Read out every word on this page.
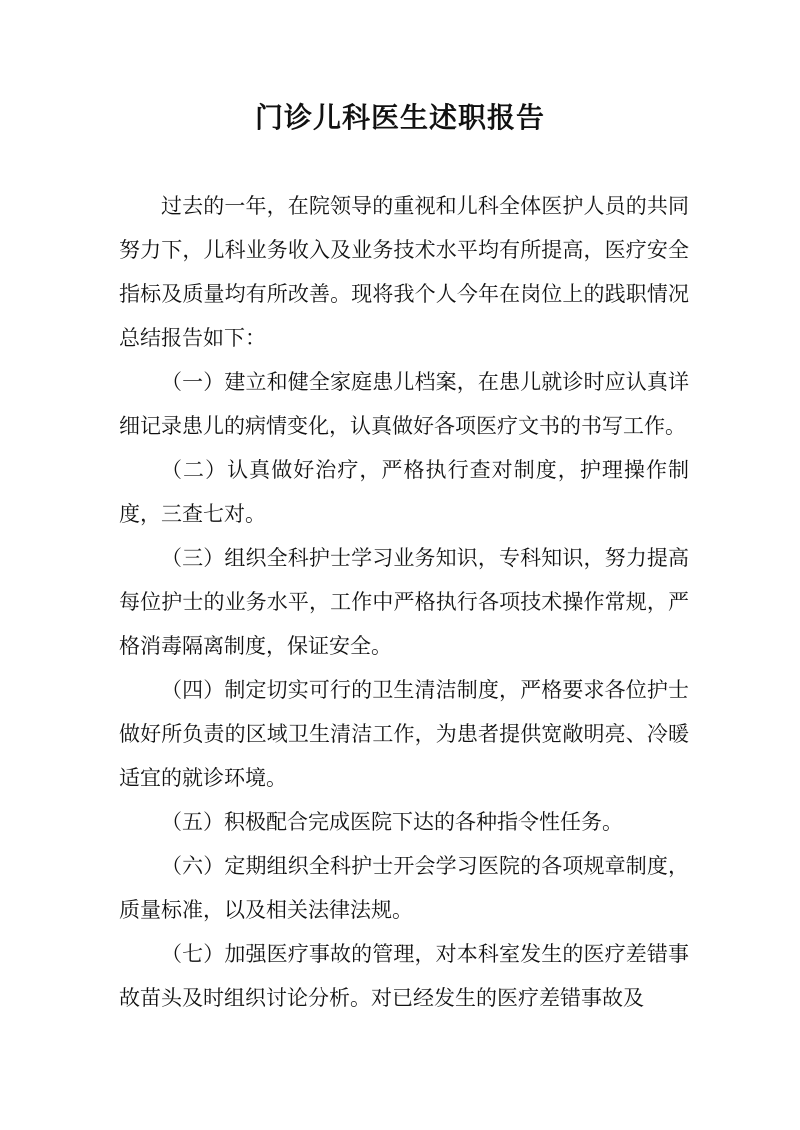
门诊儿科医生述职报告

过去的一年，在院领导的重视和儿科全体医护人员的共同努力下，儿科业务收入及业务技术水平均有所提高，医疗安全指标及质量均有所改善。现将我个人今年在岗位上的践职情况总结报告如下：

（一）建立和健全家庭患儿档案，在患儿就诊时应认真详细记录患儿的病情变化，认真做好各项医疗文书的书写工作。

（二）认真做好治疗，严格执行查对制度，护理操作制度，三查七对。

（三）组织全科护士学习业务知识，专科知识，努力提高每位护士的业务水平，工作中严格执行各项技术操作常规，严格消毒隔离制度，保证安全。

（四）制定切实可行的卫生清洁制度，严格要求各位护士做好所负责的区域卫生清洁工作，为患者提供宽敞明亮、冷暖适宜的就诊环境。

（五）积极配合完成医院下达的各种指令性任务。

（六）定期组织全科护士开会学习医院的各项规章制度，质量标准，以及相关法律法规。

（七）加强医疗事故的管理，对本科室发生的医疗差错事故苗头及时组织讨论分析。对已经发生的医疗差错事故及
